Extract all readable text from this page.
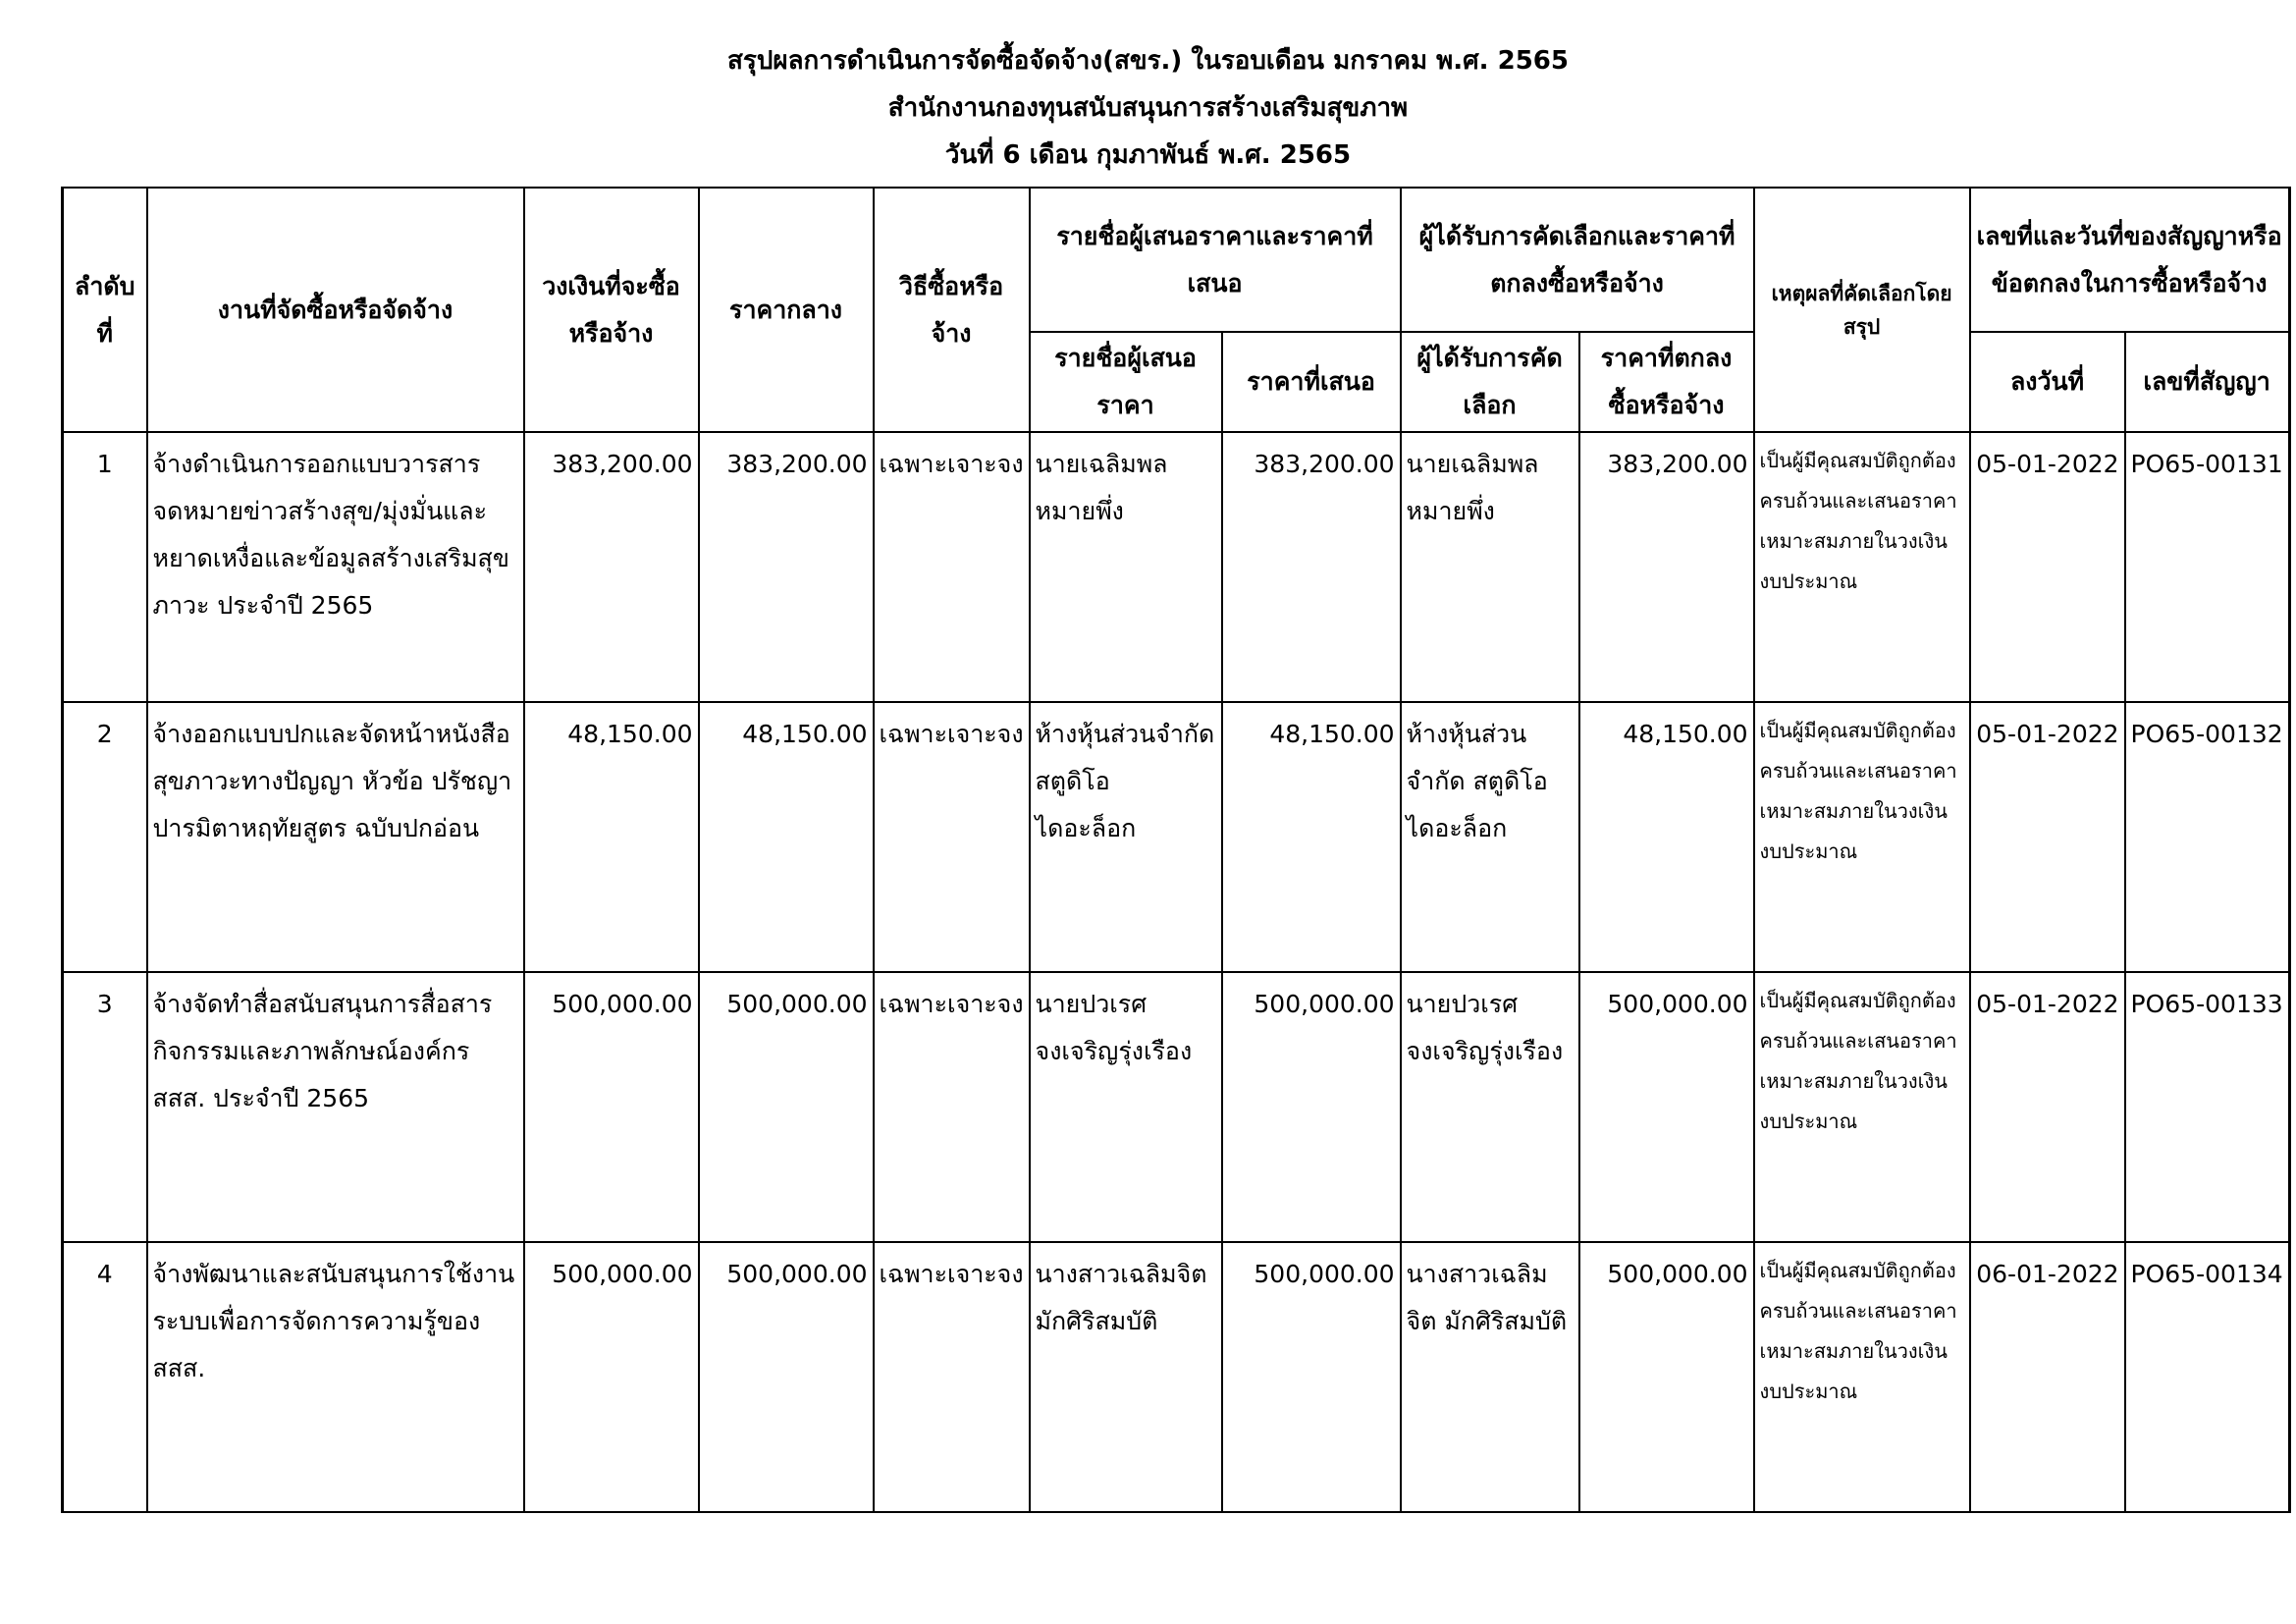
สรุปผลการดำเนินการจัดซื้อจัดจ้าง(สขร.) ในรอบเดือน มกราคม พ.ศ. 2565
สำนักงานกองทุนสนับสนุนการสร้างเสริมสุขภาพ
วันที่ 6 เดือน กุมภาพันธ์ พ.ศ. 2565
ลำดับที่	งานที่จัดซื้อหรือจัดจ้าง	วงเงินที่จะซื้อหรือจ้าง	ราคากลาง	วิธีซื้อหรือจ้าง	รายชื่อผู้เสนอราคาและราคาที่เสนอ		ผู้ได้รับการคัดเลือกและราคาที่ตกลงซื้อหรือจ้าง		เหตุผลที่คัดเลือกโดยสรุป	เลขที่และวันที่ของสัญญาหรือข้อตกลงในการซื้อหรือจ้าง	
					รายชื่อผู้เสนอราคา	ราคาที่เสนอ	ผู้ได้รับการคัดเลือก	ราคาที่ตกลงซื้อหรือจ้าง		ลงวันที่	เลขที่สัญญา
1	จ้างดำเนินการออกแบบวารสารจดหมายข่าวสร้างสุข/มุ่งมั่นและหยาดเหงื่อและข้อมูลสร้างเสริมสุขภาวะ ประจำปี 2565	383,200.00	383,200.00	เฉพาะเจาะจง	นายเฉลิมพล หมายพึ่ง	383,200.00	นายเฉลิมพล หมายพึ่ง	383,200.00	เป็นผู้มีคุณสมบัติถูกต้องครบถ้วนและเสนอราคาเหมาะสมภายในวงเงินงบประมาณ	05-01-2022	PO65-00131
2	จ้างออกแบบปกและจัดหน้าหนังสือสุขภาวะทางปัญญา หัวข้อ ปรัชญาปารมิตาหฤทัยสูตร ฉบับปกอ่อน	48,150.00	48,150.00	เฉพาะเจาะจง	ห้างหุ้นส่วนจำกัด สตูดิโอ ไดอะล็อก	48,150.00	ห้างหุ้นส่วนจำกัด สตูดิโอ ไดอะล็อก	48,150.00	เป็นผู้มีคุณสมบัติถูกต้องครบถ้วนและเสนอราคาเหมาะสมภายในวงเงินงบประมาณ	05-01-2022	PO65-00132
3	จ้างจัดทำสื่อสนับสนุนการสื่อสารกิจกรรมและภาพลักษณ์องค์กร สสส. ประจำปี 2565	500,000.00	500,000.00	เฉพาะเจาะจง	นายปวเรศ จงเจริญรุ่งเรือง	500,000.00	นายปวเรศ จงเจริญรุ่งเรือง	500,000.00	เป็นผู้มีคุณสมบัติถูกต้องครบถ้วนและเสนอราคาเหมาะสมภายในวงเงินงบประมาณ	05-01-2022	PO65-00133
4	จ้างพัฒนาและสนับสนุนการใช้งานระบบเพื่อการจัดการความรู้ของ สสส.	500,000.00	500,000.00	เฉพาะเจาะจง	นางสาวเฉลิมจิต มักศิริสมบัติ	500,000.00	นางสาวเฉลิมจิต มักศิริสมบัติ	500,000.00	เป็นผู้มีคุณสมบัติถูกต้องครบถ้วนและเสนอราคาเหมาะสมภายในวงเงินงบประมาณ	06-01-2022	PO65-00134
